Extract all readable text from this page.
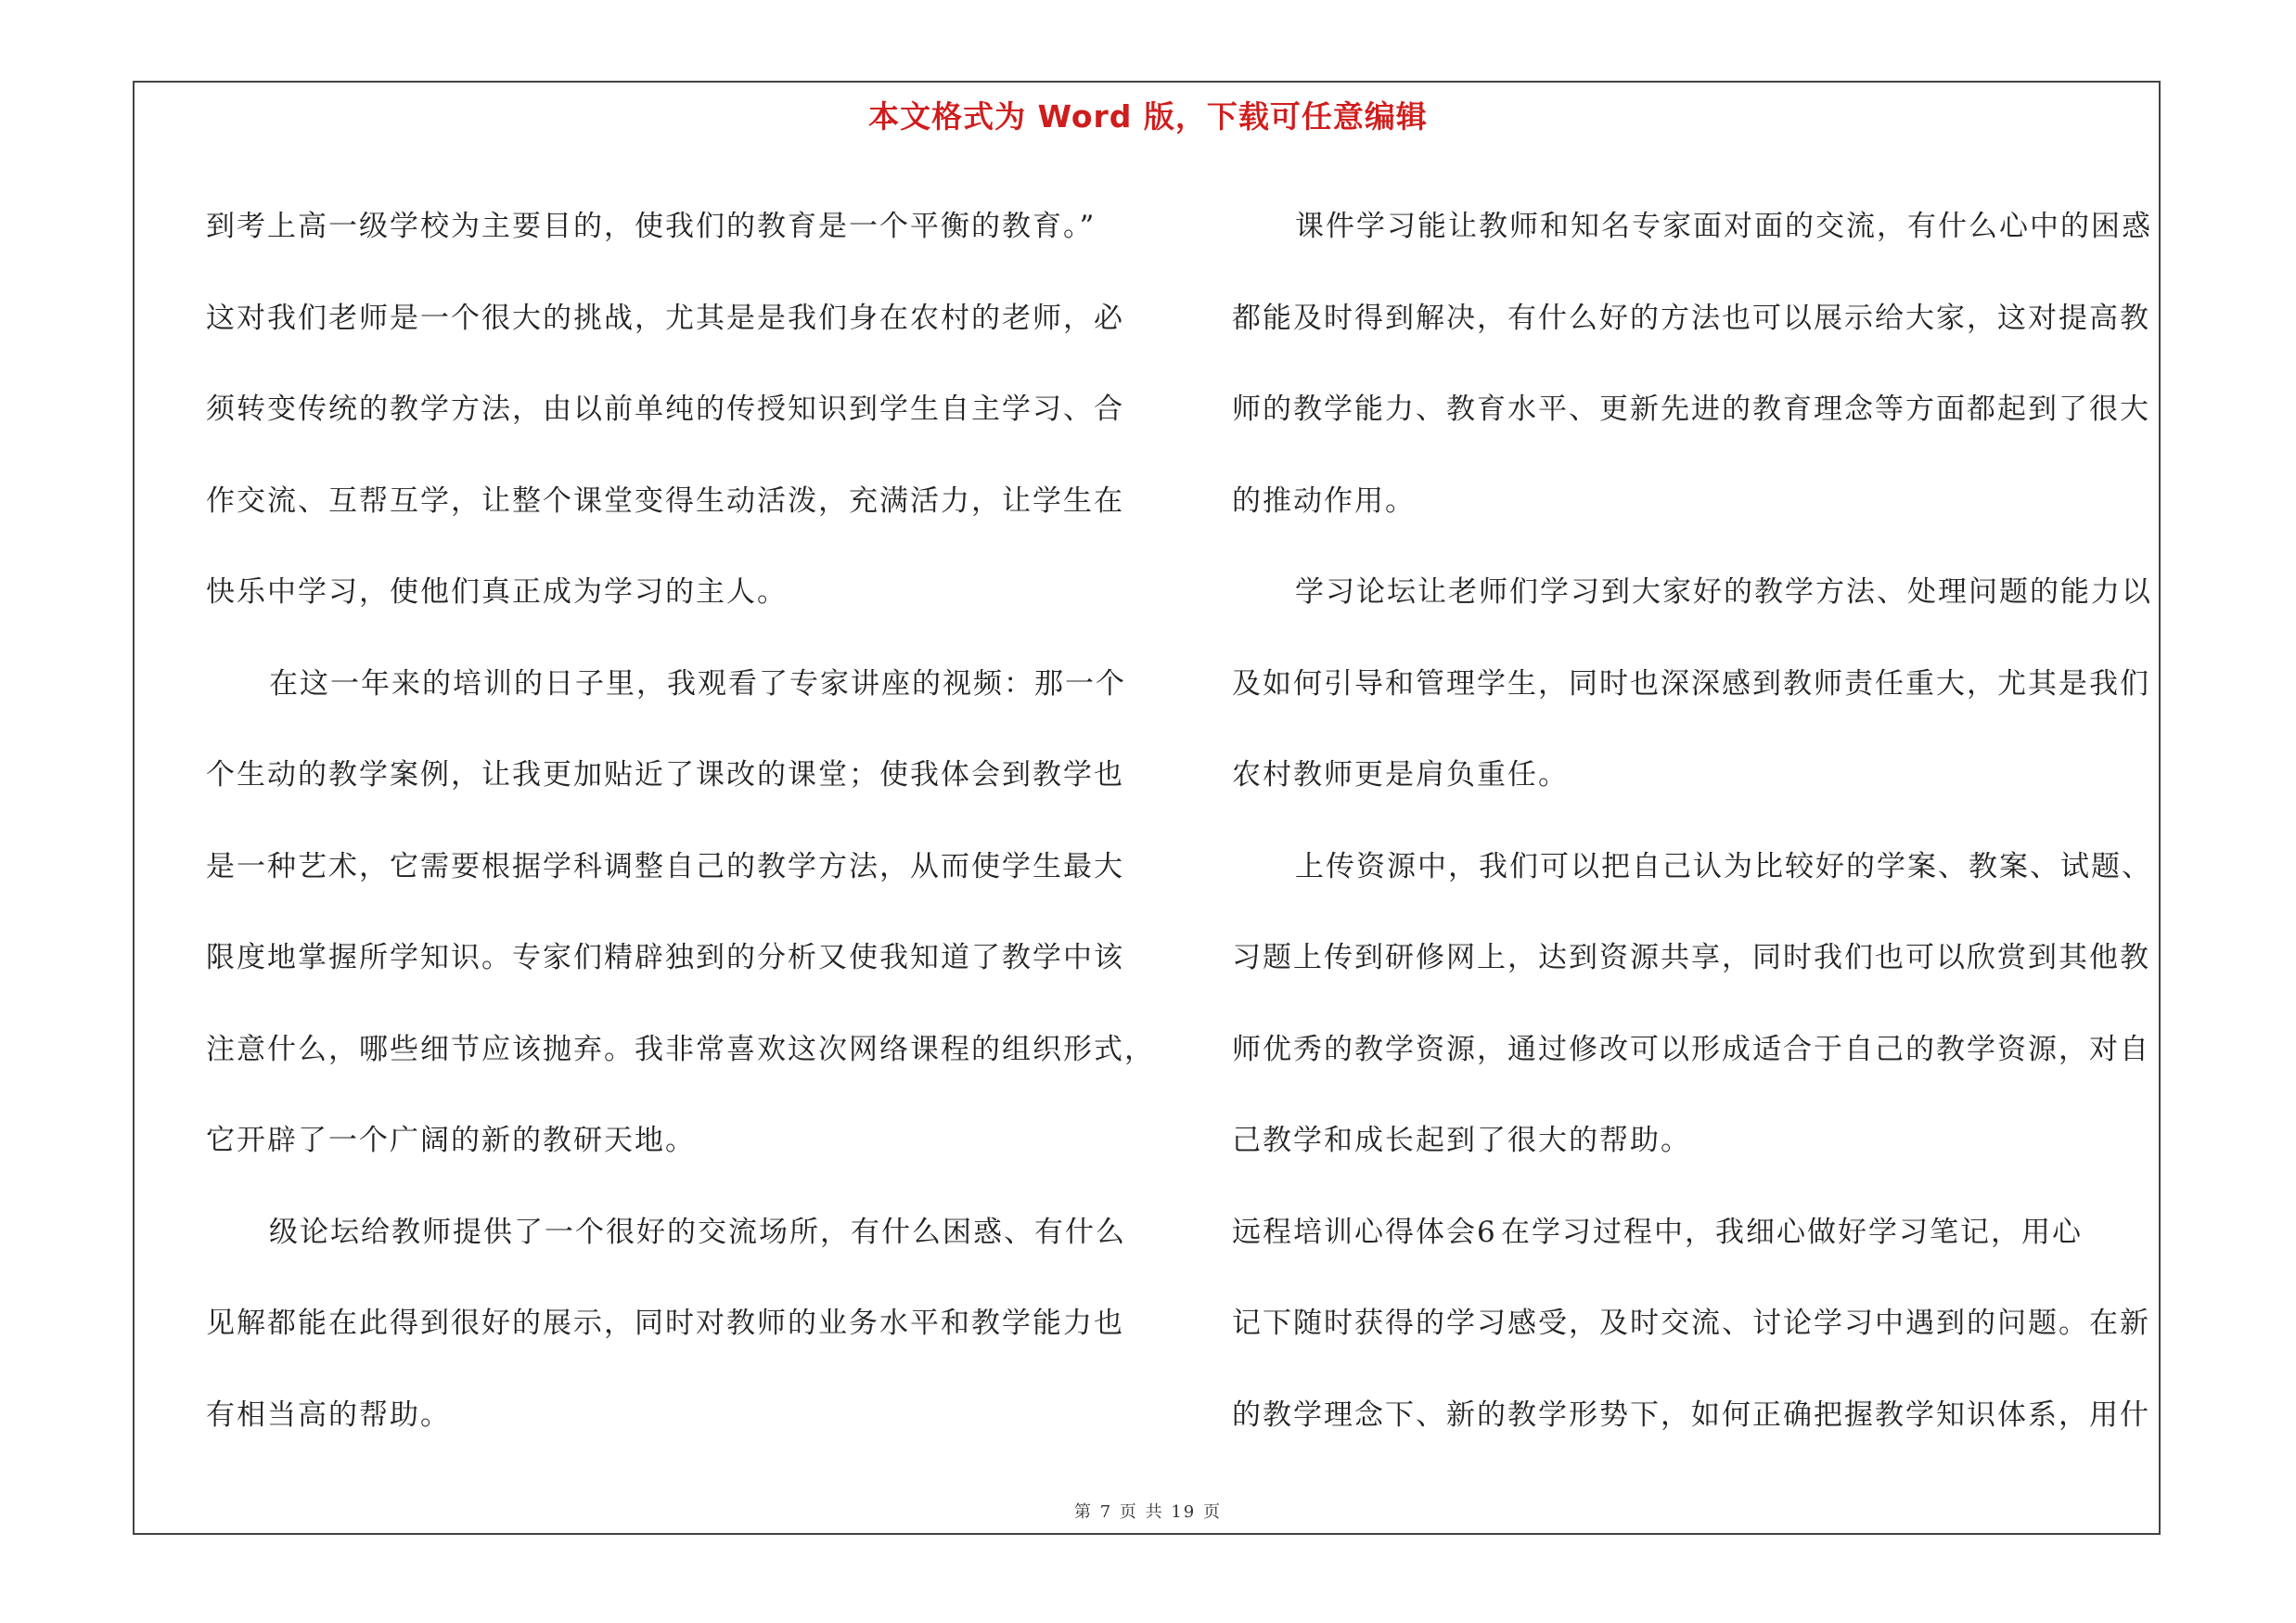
本文格式为 Word 版，下载可任意编辑
到考上高一级学校为主要目的，使我们的教育是一个平衡的教育。”
这对我们老师是一个很大的挑战，尤其是是我们身在农村的老师，必
须转变传统的教学方法，由以前单纯的传授知识到学生自主学习、合
作交流、互帮互学，让整个课堂变得生动活泼，充满活力，让学生在
快乐中学习，使他们真正成为学习的主人。
在这一年来的培训的日子里，我观看了专家讲座的视频：那一个
个生动的教学案例，让我更加贴近了课改的课堂；使我体会到教学也
是一种艺术，它需要根据学科调整自己的教学方法，从而使学生最大
限度地掌握所学知识。专家们精辟独到的分析又使我知道了教学中该
注意什么，哪些细节应该抛弃。我非常喜欢这次网络课程的组织形式，
它开辟了一个广阔的新的教研天地。
级论坛给教师提供了一个很好的交流场所，有什么困惑、有什么
见解都能在此得到很好的展示，同时对教师的业务水平和教学能力也
有相当高的帮助。
课件学习能让教师和知名专家面对面的交流，有什么心中的困惑
都能及时得到解决，有什么好的方法也可以展示给大家，这对提高教
师的教学能力、教育水平、更新先进的教育理念等方面都起到了很大
的推动作用。
学习论坛让老师们学习到大家好的教学方法、处理问题的能力以
及如何引导和管理学生，同时也深深感到教师责任重大，尤其是我们
农村教师更是肩负重任。
上传资源中，我们可以把自己认为比较好的学案、教案、试题、
习题上传到研修网上，达到资源共享，同时我们也可以欣赏到其他教
师优秀的教学资源，通过修改可以形成适合于自己的教学资源，对自
己教学和成长起到了很大的帮助。
远程培训心得体会6 在学习过程中，我细心做好学习笔记，用心
记下随时获得的学习感受，及时交流、讨论学习中遇到的问题。在新
的教学理念下、新的教学形势下，如何正确把握教学知识体系，用什
第 7 页 共 19 页
